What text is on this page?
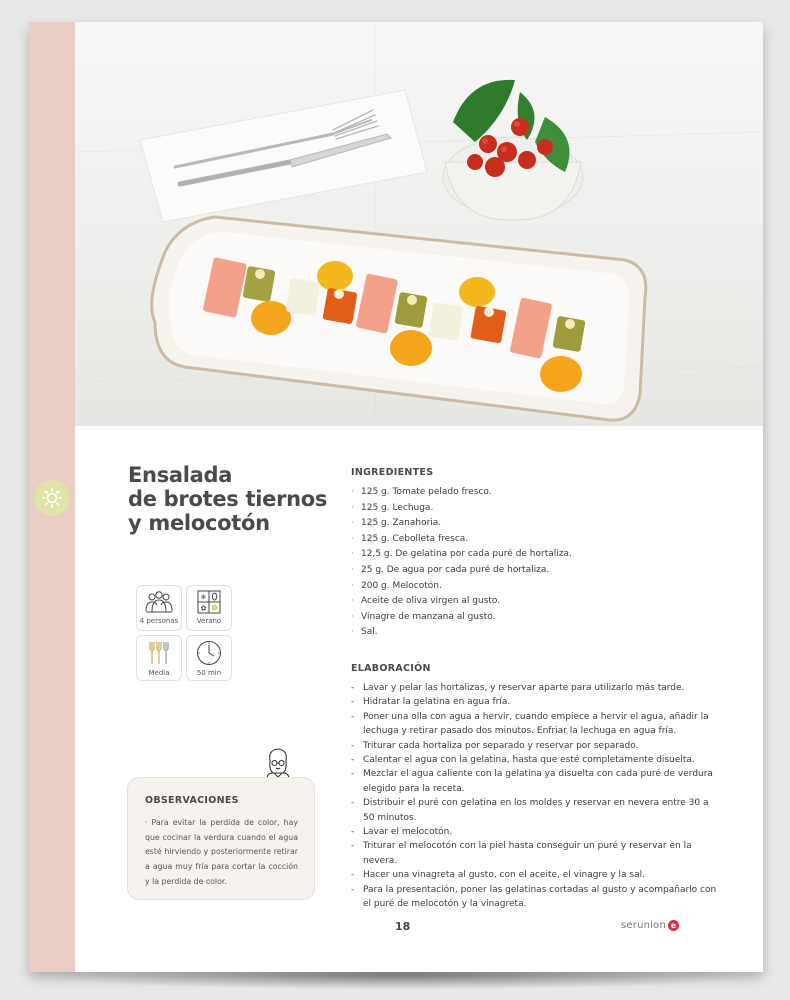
Ensalada
de brotes tiernos
y melocotón
4 personas
❄
✿
Verano
Media	50 min
OBSERVACIONES

· Para evitar la perdida de color, hay que cocinar la verdura cuando el agua esté hirviendo y posteriormente retirar a agua muy fría para cortar la cocción y la perdida de color.

INGREDIENTES
· 125 g. Tomate pelado fresco.
· 125 g. Lechuga.
· 125 g. Zanahoria.
· 125 g. Cebolleta fresca.
· 12,5 g. De gelatina por cada puré de hortaliza.
· 25 g. De agua por cada puré de hortaliza.
· 200 g. Melocotón.
· Aceite de oliva virgen al gusto.
· Vinagre de manzana al gusto.
· Sal.
ELABORACIÓN
- Lavar y pelar las hortalizas, y reservar aparte para utilizarlo más tarde.
- Hidratar la gelatina en agua fría.
- Poner una olla con agua a hervir, cuando empiece a hervir el agua, añadir la lechuga y retirar pasado dos minutos. Enfriar la lechuga en agua fría.
- Triturar cada hortaliza por separado y reservar por separado.
- Calentar el agua con la gelatina, hasta que esté completamente disuelta.
- Mezclar el agua caliente con la gelatina ya disuelta con cada puré de verdura elegido para la receta.
- Distribuir el puré con gelatina en los moldes y reservar en nevera entre 30 a 50 minutos.
- Lavar el melocotón.
- Triturar el melocotón con la piel hasta conseguir un puré y reservar en la nevera.
- Hacer una vinagreta al gusto, con el aceite, el vinagre y la sal.
- Para la presentación, poner las gelatinas cortadas al gusto y acompañarlo con el puré de melocotón y la vinagreta.
18	serunion e
